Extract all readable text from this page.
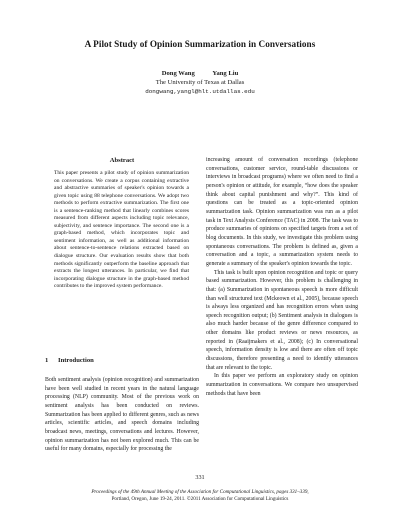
A Pilot Study of Opinion Summarization in Conversations
Dong Wang	Yang Liu
The University of Texas at Dallas
dongwang,yangl@hlt.utdallas.edu
Abstract

This paper presents a pilot study of opinion summarization on conversations. We create a corpus containing extractive and abstractive summaries of speaker's opinion towards a given topic using 88 telephone conversations. We adopt two methods to perform extractive summarization. The first one is a sentence-ranking method that linearly combines scores measured from different aspects including topic relevance, subjectivity, and sentence importance. The second one is a graph-based method, which incorporates topic and sentiment information, as well as additional information about sentence-to-sentence relations extracted based on dialogue structure. Our evaluation results show that both methods significantly outperform the baseline approach that extracts the longest utterances. In particular, we find that incorporating dialogue structure in the graph-based method contributes to the improved system performance.

1 Introduction

Both sentiment analysis (opinion recognition) and summarization have been well studied in recent years in the natural language processing (NLP) community. Most of the previous work on sentiment analysis has been conducted on reviews. Summarization has been applied to different genres, such as news articles, scientific articles, and speech domains including broadcast news, meetings, conversations and lectures. However, opinion summarization has not been explored much. This can be useful for many domains, especially for processing the

increasing amount of conversation recordings (telephone conversations, customer service, round-table discussions or interviews in broadcast programs) where we often need to find a person's opinion or attitude, for example, “how does the speaker think about capital punishment and why?”. This kind of questions can be treated as a topic-oriented opinion summarization task. Opinion summarization was run as a pilot task in Text Analysis Conference (TAC) in 2008. The task was to produce summaries of opinions on specified targets from a set of blog documents. In this study, we investigate this problem using spontaneous conversations. The problem is defined as, given a conversation and a topic, a summarization system needs to generate a summary of the speaker's opinion towards the topic.

This task is built upon opinion recognition and topic or query based summarization. However, this problem is challenging in that: (a) Summarization in spontaneous speech is more difficult than well structured text (Mckeown et al., 2005), because speech is always less organized and has recognition errors when using speech recognition output; (b) Sentiment analysis in dialogues is also much harder because of the genre difference compared to other domains like product reviews or news resources, as reported in (Raaijmakers et al., 2008); (c) In conversational speech, information density is low and there are often off topic discussions, therefore presenting a need to identify utterances that are relevant to the topic.

In this paper we perform an exploratory study on opinion summarization in conversations. We compare two unsupervised methods that have been

331
Proceedings of the 49th Annual Meeting of the Association for Computational Linguistics, pages 331–339,
Portland, Oregon, June 19-24, 2011. ©2011 Association for Computational Linguistics
